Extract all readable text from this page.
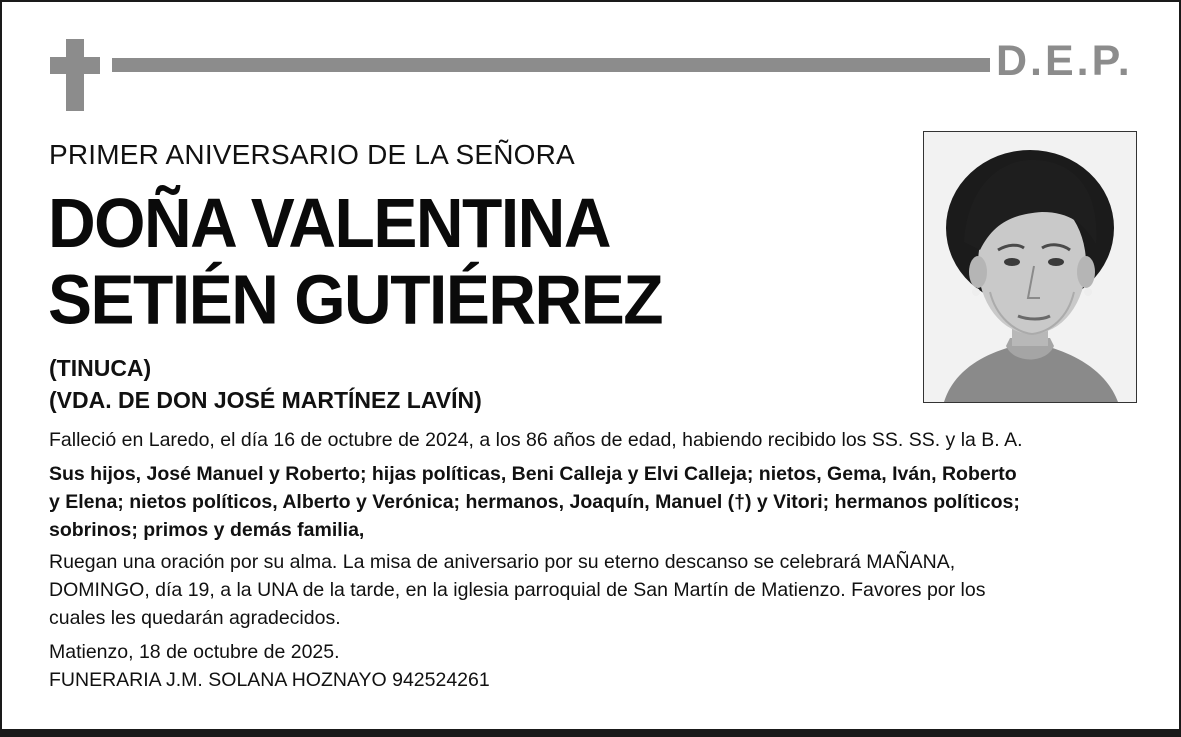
D.E.P.
PRIMER ANIVERSARIO DE LA SEÑORA
DOÑA VALENTINA
SETIÉN GUTIÉRREZ
(TINUCA)
(VDA. DE DON JOSÉ MARTÍNEZ LAVÍN)
Falleció en Laredo, el día 16 de octubre de 2024, a los 86 años de edad, habiendo recibido los SS. SS. y la B. A.
Sus hijos, José Manuel y Roberto; hijas políticas, Beni Calleja y Elvi Calleja; nietos, Gema, Iván, Roberto
y Elena; nietos políticos, Alberto y Verónica; hermanos, Joaquín, Manuel (†) y Vitori; hermanos políticos;
sobrinos; primos y demás familia,
Ruegan una oración por su alma. La misa de aniversario por su eterno descanso se celebrará MAÑANA,
DOMINGO, día 19, a la UNA de la tarde, en la iglesia parroquial de San Martín de Matienzo. Favores por los
cuales les quedarán agradecidos.
Matienzo, 18 de octubre de 2025.
FUNERARIA J.M. SOLANA HOZNAYO 942524261
